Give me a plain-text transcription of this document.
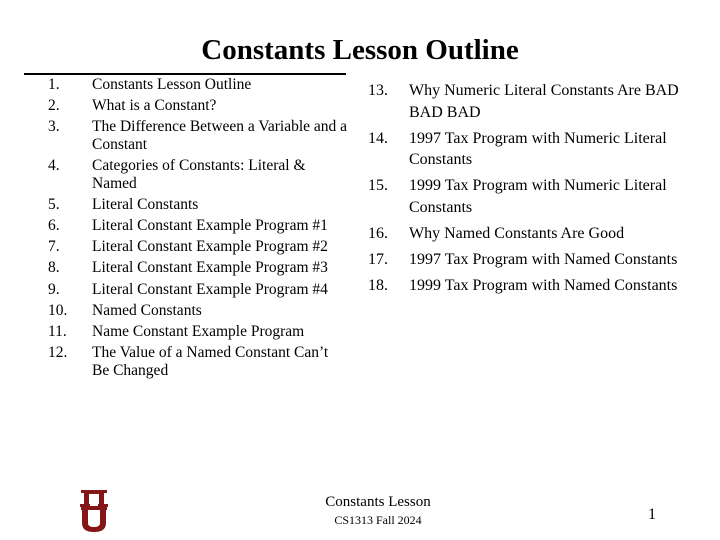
Constants Lesson Outline
1.	Constants Lesson Outline
2.	What is a Constant?
3.	The Difference Between a Variable and a Constant
4.	Categories of Constants: Literal & Named
5.	Literal Constants
6.	Literal Constant Example Program #1
7.	Literal Constant Example Program #2
8.	Literal Constant Example Program #3
9.	Literal Constant Example Program #4
10.	Named Constants
11.	Name Constant Example Program
12.	The Value of a Named Constant Can’t Be Changed
13.	Why Numeric Literal Constants Are BAD BAD BAD
14.	1997 Tax Program with Numeric Literal Constants
15.	1999 Tax Program with Numeric Literal Constants
16.	Why Named Constants Are Good
17.	1997 Tax Program with Named Constants
18.	1999 Tax Program with Named Constants
Constants Lesson
CS1313 Fall 2024	1
